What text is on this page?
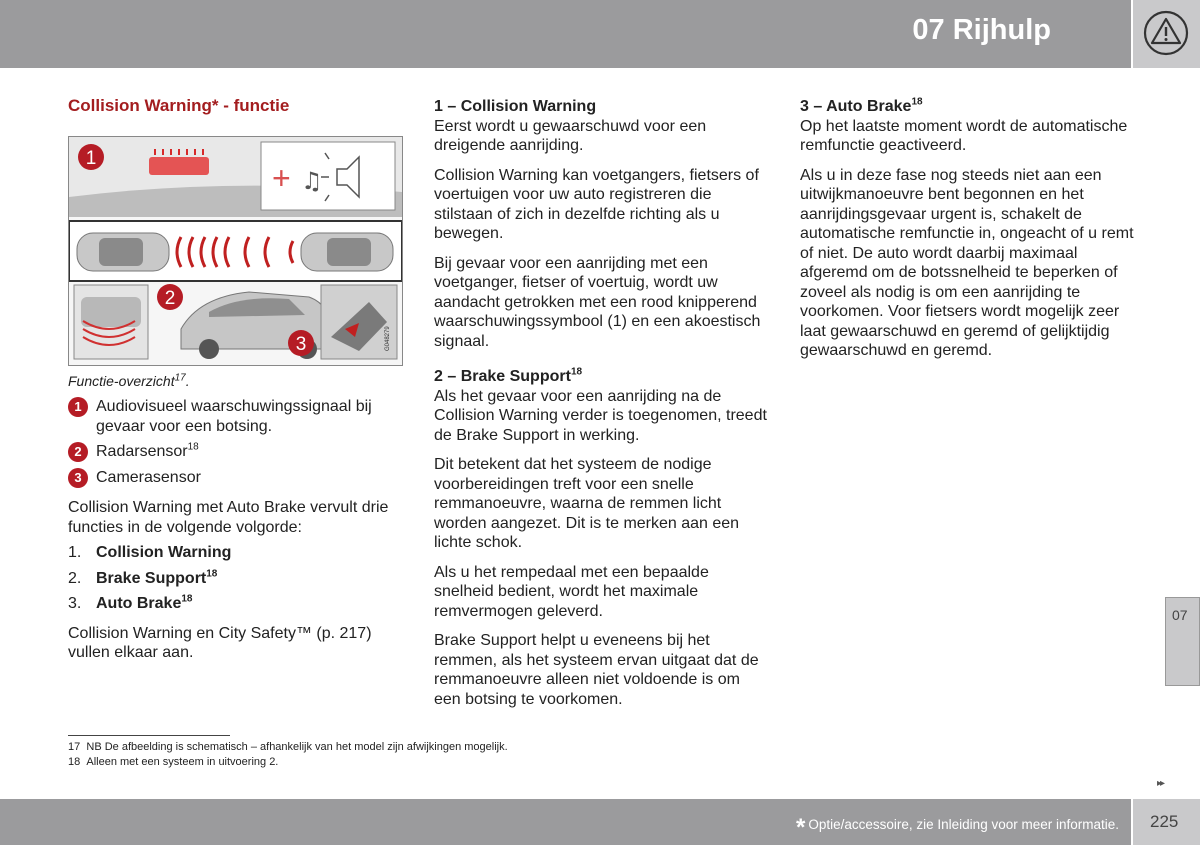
07 Rijhulp
Collision Warning* - functie
+ ♫
G048279
1
2
3
Functie-overzicht$^{17}$.
1 Audiovisueel waarschuwingssignaal bij gevaar voor een botsing.
2 Radarsensor$^{18}$
3 Camerasensor
Collision Warning met Auto Brake vervult drie functies in de volgende volgorde:
1. Collision Warning
2. Brake Support$^{18}$
3. Auto Brake$^{18}$
Collision Warning en City Safety™ (p. 217) vullen elkaar aan.
1 – Collision Warning
Eerst wordt u gewaarschuwd voor een dreigende aanrijding.
Collision Warning kan voetgangers, fietsers of voertuigen voor uw auto registreren die stilstaan of zich in dezelfde richting als u bewegen.
Bij gevaar voor een aanrijding met een voetganger, fietser of voertuig, wordt uw aandacht getrokken met een rood knipperend waarschuwingssymbool (1) en een akoestisch signaal.
2 – Brake Support$^{18}$
Als het gevaar voor een aanrijding na de Collision Warning verder is toegenomen, treedt de Brake Support in werking.
Dit betekent dat het systeem de nodige voorbereidingen treft voor een snelle remmanoeuvre, waarna de remmen licht worden aangezet. Dit is te merken aan een lichte schok.
Als u het rempedaal met een bepaalde snelheid bedient, wordt het maximale remvermogen geleverd.
Brake Support helpt u eveneens bij het remmen, als het systeem ervan uitgaat dat de remmanoeuvre alleen niet voldoende is om een botsing te voorkomen.
3 – Auto Brake$^{18}$
Op het laatste moment wordt de automatische remfunctie geactiveerd.
Als u in deze fase nog steeds niet aan een uitwijkmanoeuvre bent begonnen en het aanrijdingsgevaar urgent is, schakelt de automatische remfunctie in, ongeacht of u remt of niet. De auto wordt daarbij maximaal afgeremd om de botssnelheid te beperken of zoveel als nodig is om een aanrijding te voorkomen. Voor fietsers wordt mogelijk zeer laat gewaarschuwd en geremd of gelijktijdig gewaarschuwd en geremd.
17 NB De afbeelding is schematisch – afhankelijk van het model zijn afwijkingen mogelijk.
18 Alleen met een systeem in uitvoering 2.
07
▸▸
* Optie/accessoire, zie Inleiding voor meer informatie. 225
